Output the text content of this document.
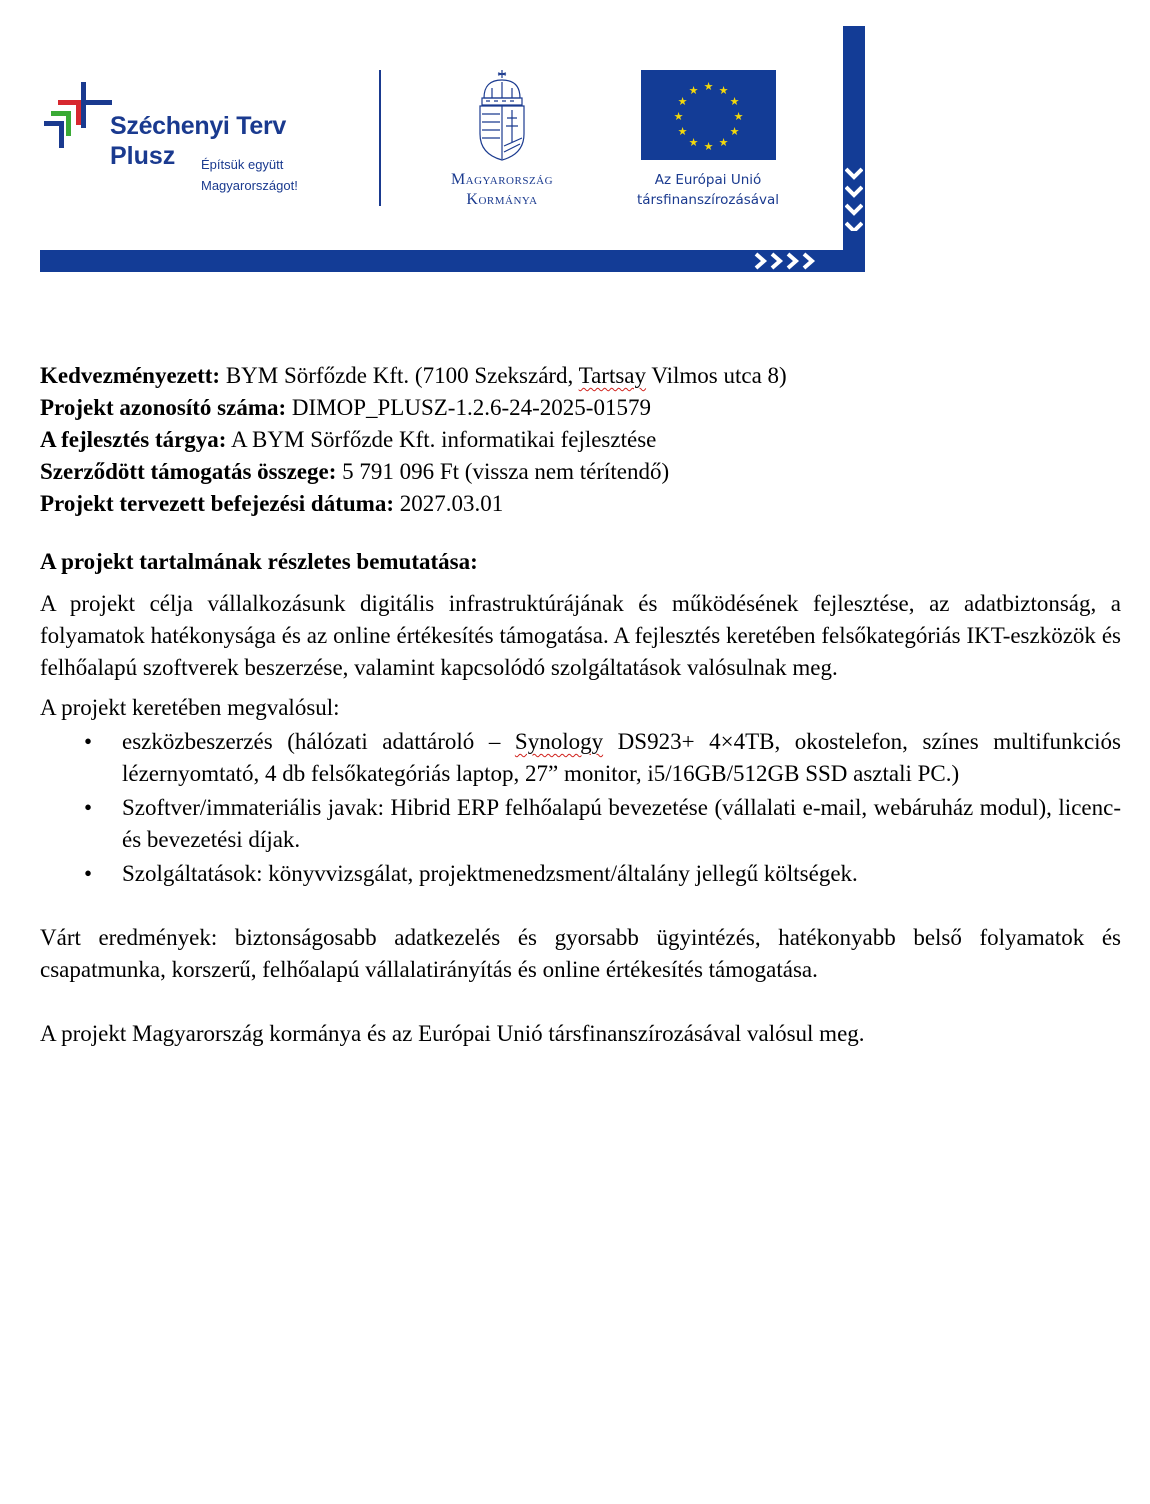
Széchenyi Terv
Plusz Építsük együtt
Magyarországot!	Magyarország
Kormánya
★ ★
★
★
★
★
★
★
★
★
★
★
Az Európai Unió
társfinanszírozásával
Kedvezményezett: BYM Sörfőzde Kft. (7100 Szekszárd, Tartsay Vilmos utca 8)
Projekt azonosító száma: DIMOP_PLUSZ-1.2.6-24-2025-01579
A fejlesztés tárgya: A BYM Sörfőzde Kft. informatikai fejlesztése
Szerződött támogatás összege: 5 791 096 Ft (vissza nem térítendő)
Projekt tervezett befejezési dátuma: 2027.03.01
A projekt tartalmának részletes bemutatása:
A projekt célja vállalkozásunk digitális infrastruktúrájának és működésének fejlesztése, az adatbiztonság, a folyamatok hatékonysága és az online értékesítés támogatása. A fejlesztés keretében felsőkategóriás IKT-eszközök és felhőalapú szoftverek beszerzése, valamint kapcsolódó szolgáltatások valósulnak meg.
A projekt keretében megvalósul:
• eszközbeszerzés (hálózati adattároló – Synology DS923+ 4×4TB, okostelefon, színes multifunkciós lézernyomtató, 4 db felsőkategóriás laptop, 27” monitor, i5/16GB/512GB SSD asztali PC.)
• Szoftver/immateriális javak: Hibrid ERP felhőalapú bevezetése (vállalati e-mail, webáruház modul), licenc- és bevezetési díjak.
• Szolgáltatások: könyvvizsgálat, projektmenedzsment/általány jellegű költségek.
Várt eredmények: biztonságosabb adatkezelés és gyorsabb ügyintézés, hatékonyabb belső folyamatok és csapatmunka, korszerű, felhőalapú vállalatirányítás és online értékesítés támogatása.
A projekt Magyarország kormánya és az Európai Unió társfinanszírozásával valósul meg.
